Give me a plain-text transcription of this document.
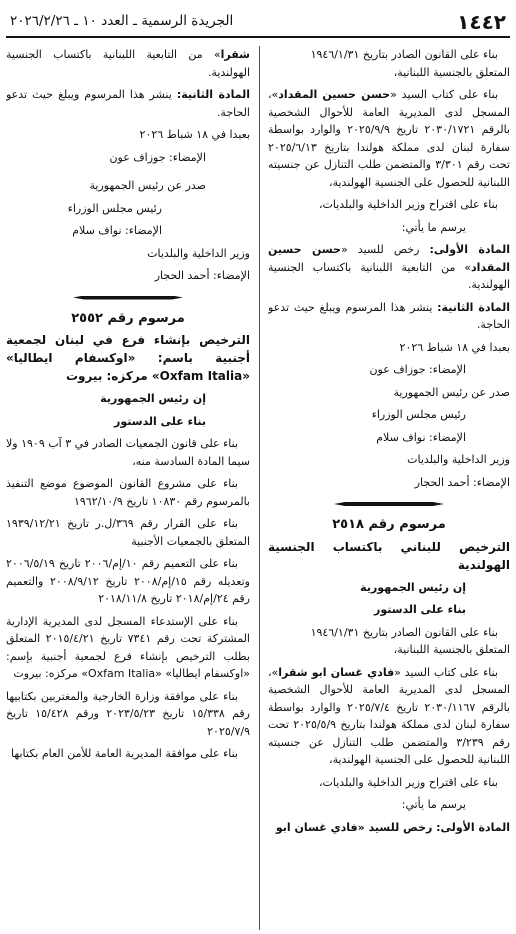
١٤٤٢
الجريدة الرسمية ـ العدد ١٠ ـ ٢٠٢٦/٢/٢٦

بناء على القانون الصادر بتاريخ ١٩٤٦/١/٣١
المتعلق بالجنسية اللبنانية،

بناء على كتاب السيد «حسن حسين المقداد»، المسجل لدى المديرية العامة للأحوال الشخصية بالرقم ٢٠٣٠/١٧٢١ تاريخ ٢٠٢٥/٩/٩ والوارد بواسطة سفارة لبنان لدى مملكة هولندا بتاريخ ٢٠٢٥/٦/١٣ تحت رقم ٣/٣٠١ والمتضمن طلب التنازل عن جنسيته اللبنانية للحصول على الجنسية الهولندية،

بناء على اقتراح وزير الداخلية والبلديات،

يرسم ما يأتي:

المادة الأولى: رخص للسيد «حسن حسين المقداد» من التابعية اللبنانية باكتساب الجنسية الهولندية.

المادة الثانية: ينشر هذا المرسوم ويبلغ حيث تدعو الحاجة.

بعبدا في ١٨ شباط ٢٠٢٦

الإمضاء: جوزاف عون

صدر عن رئيس الجمهورية

رئيس مجلس الوزراء

الإمضاء: نواف سلام

وزير الداخلية والبلديات

الإمضاء: أحمد الحجار

مرسوم رقم ٢٥١٨

الترخيص للبناني باكتساب الجنسية الهولندية

إن رئيس الجمهورية

بناء على الدستور

بناء على القانون الصادر بتاريخ ١٩٤٦/١/٣١
المتعلق بالجنسية اللبنانية،

بناء على كتاب السيد «فادي غسان ابو شقرا»، المسجل لدى المديرية العامة للأحوال الشخصية بالرقم ٢٠٣٠/١١٦٧ تاريخ ٢٠٢٥/٧/٤ والوارد بواسطة سفارة لبنان لدى مملكة هولندا بتاريخ ٢٠٢٥/٥/٩ تحت رقم ٣/٢٣٩ والمتضمن طلب التنازل عن جنسيته اللبنانية للحصول على الجنسية الهولندية،

بناء على اقتراح وزير الداخلية والبلديات،

يرسم ما يأتي:

المادة الأولى: رخص للسيد «فادي غسان ابو

شقرا» من التابعية اللبنانية باكتساب الجنسية الهولندية.

المادة الثانية: ينشر هذا المرسوم ويبلغ حيث تدعو الحاجة.

بعبدا في ١٨ شباط ٢٠٢٦

الإمضاء: جوزاف عون

صدر عن رئيس الجمهورية

رئيس مجلس الوزراء

الإمضاء: نواف سلام

وزير الداخلية والبلديات

الإمضاء: أحمد الحجار

مرسوم رقم ٢٥٥٢

الترخيص بإنشاء فرع في لبنان لجمعية أجنبية باسم: «اوكسفام ايطاليا» «Oxfam Italia» مركزه: بيروت

إن رئيس الجمهورية

بناء على الدستور

بناء على قانون الجمعيات الصادر في ٣ آب ١٩٠٩ ولا سيما المادة السادسة منه،

بناء على مشروع القانون الموضوع موضع التنفيذ بالمرسوم رقم ١٠٨٣٠ تاريخ ١٩٦٢/١٠/٩

بناء على القرار رقم ٣٦٩/ل.ر تاريخ ١٩٣٩/١٢/٢١ المتعلق بالجمعيات الأجنبية

بناء على التعميم رقم ١٠/إم/٢٠٠٦ تاريخ ٢٠٠٦/٥/١٩ وتعديله رقم ١٥/إم/٢٠٠٨ تاريخ ٢٠٠٨/٩/١٢ والتعميم رقم ٢٤/إم/٢٠١٨ تاريخ ٢٠١٨/١١/٨

بناء على الإستدعاء المسجل لدى المديرية الإدارية المشتركة تحت رقم ٧٣٤١ تاريخ ٢٠١٥/٤/٢١ المتعلق بطلب الترخيص بإنشاء فرع لجمعية أجنبية بإسم: «اوكسفام ايطاليا» «Oxfam Italia» مركزه: بيروت

بناء على موافقة وزارة الخارجية والمغتربين بكتابيها رقم ١٥/٣٣٨ تاريخ ٢٠٢٣/٥/٢٣ ورقم ١٥/٤٢٨ تاريخ ٢٠٢٥/٧/٩

بناء على موافقة المديرية العامة للأمن العام بكتابها
